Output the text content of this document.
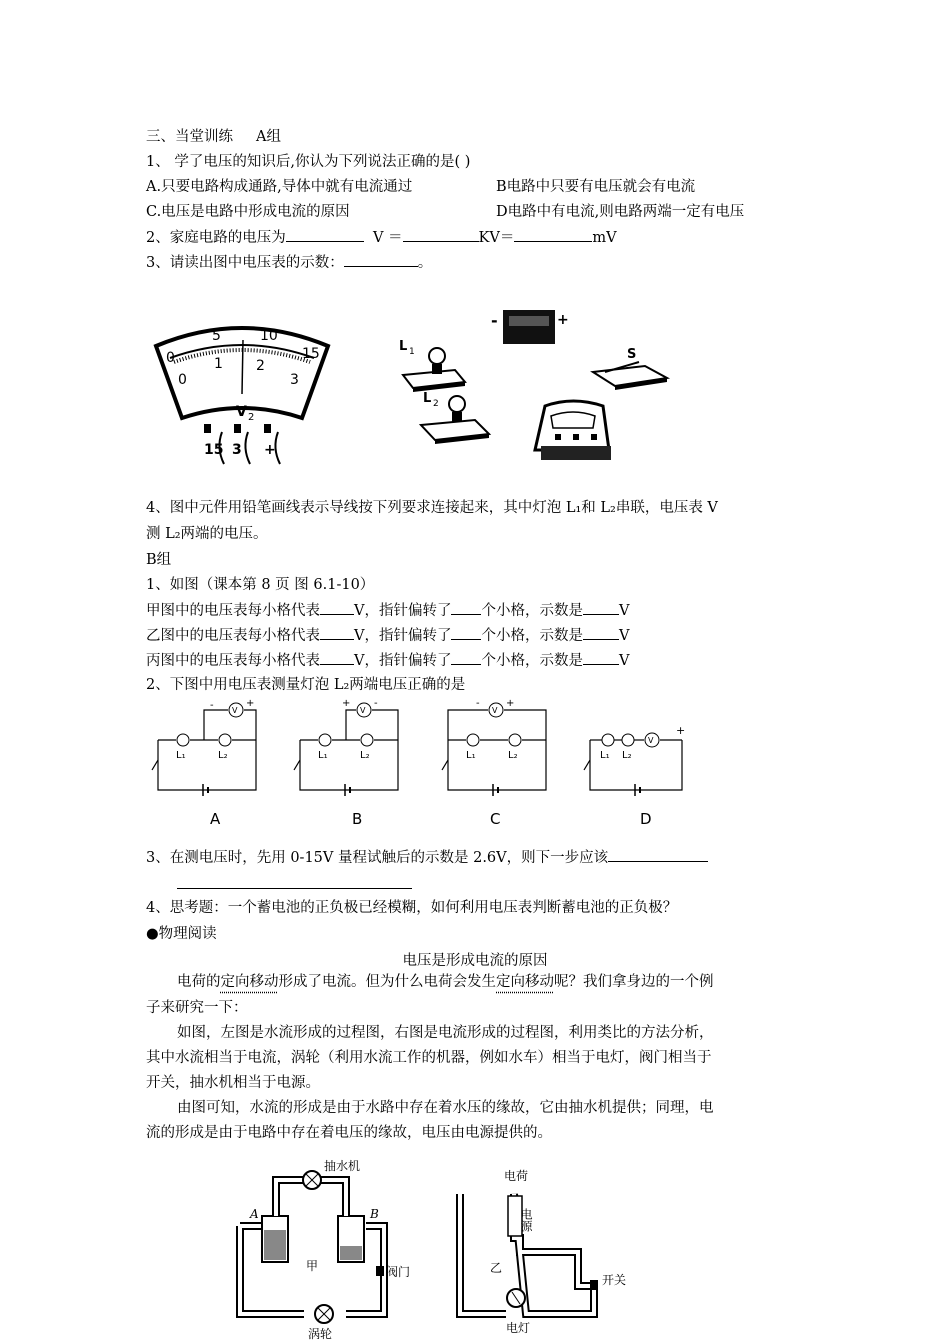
三、当堂训练 A组
1、 学了电压的知识后,你认为下列说法正确的是( )
A.只要电路构成通路,导体中就有电流通过	B电路中只要有电压就会有电流
C.电压是电路中形成电流的原因	D电路中有电流,则电路两端一定有电压
2、家庭电路的电压为	V ＝	KV＝	mV
3、请读出图中电压表的示数：	。
0
5	10
15
0
1 2
3
V 2
15 3 +
-	+
L 1
L 2
S
4、图中元件用铅笔画线表示导线按下列要求连接起来，其中灯泡 L₁和 L₂串联，电压表 V
测 L₂两端的电压。
B组
1、如图（课本第 8 页 图 6.1-10）
甲图中的电压表每小格代表 V，指针偏转了 个小格，示数是 V
乙图中的电压表每小格代表 V，指针偏转了 个小格，示数是 V
丙图中的电压表每小格代表 V，指针偏转了 个小格，示数是 V
2、下图中用电压表测量灯泡 L₂两端电压正确的是
V
-	+
L₁	L₂
A
V
+ -
L₁	L₂
B
V
-	+
L₁	L₂
C
V
+
L₁ L₂
D
3、在测电压时，先用 0-15V 量程试触后的示数是 2.6V，则下一步应该
4、思考题：一个蓄电池的正负极已经模糊，如何利用电压表判断蓄电池的正负极？
●物理阅读
电压是形成电流的原因
电荷的定向移动形成了电流。但为什么电荷会发生定向移动呢？我们拿身边的一个例
子来研究一下：
如图，左图是水流形成的过程图，右图是电流形成的过程图，利用类比的方法分析，
其中水流相当于电流，涡轮（利用水流工作的机器，例如水车）相当于电灯，阀门相当于
开关，抽水机相当于电源。
由图可知，水流的形成是由于水路中存在着水压的缘故，它由抽水机提供；同理，电
流的形成是由于电路中存在着电压的缘故，电压由电源提供的。
抽水机
A	B
甲	阀门
涡轮
电荷
电源
乙
开关
电灯
